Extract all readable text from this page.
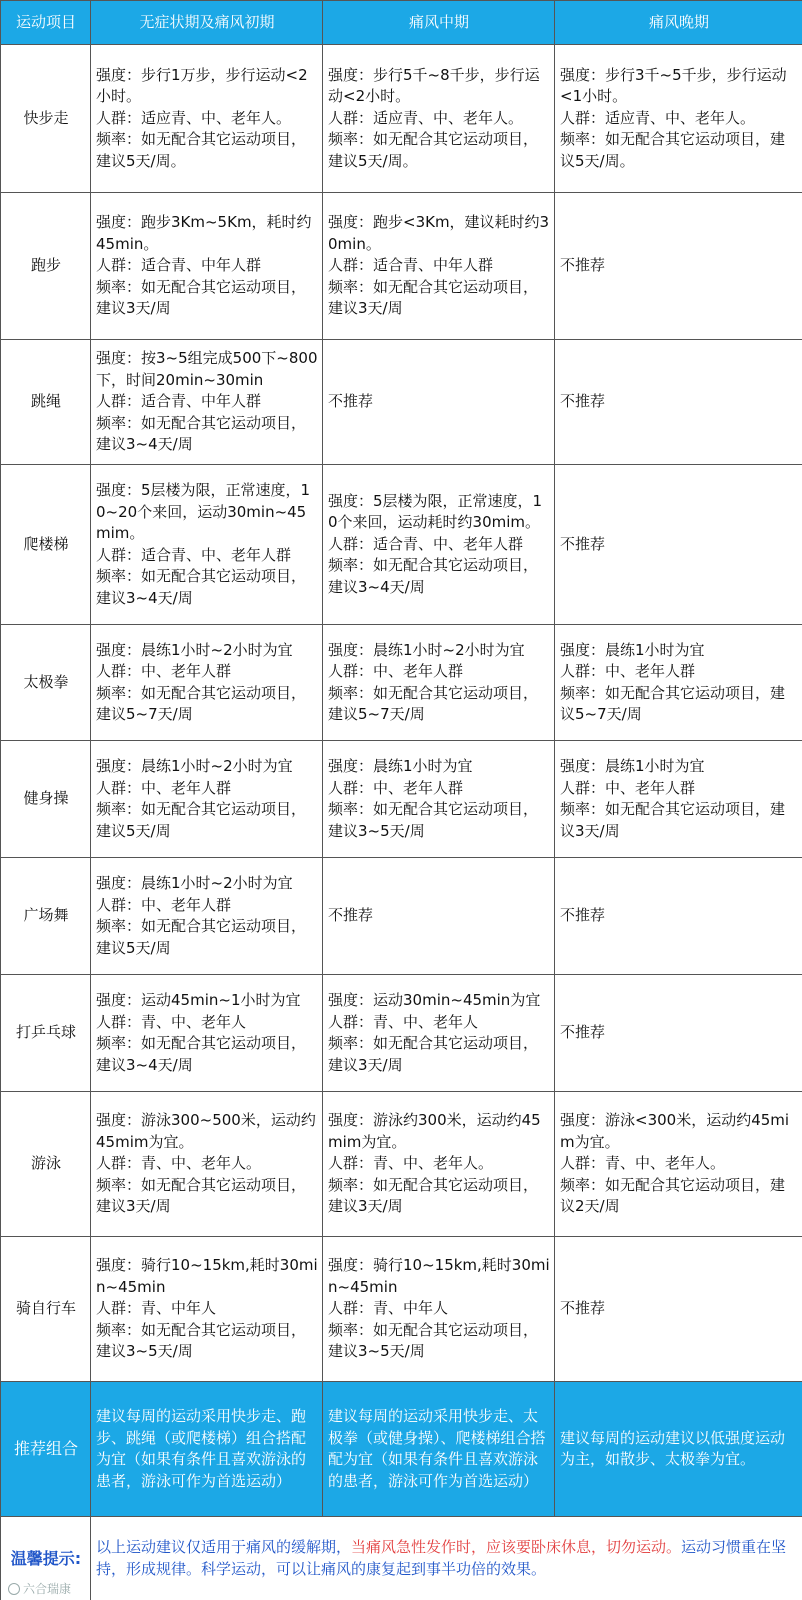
运动项目	无症状期及痛风初期	痛风中期	痛风晚期
快步走	强度：步行1万步，步行运动<2小时。
人群：适应青、中、老年人。
频率：如无配合其它运动项目，建议5天/周。	强度：步行5千~8千步，步行运动<2小时。
人群：适应青、中、老年人。
频率：如无配合其它运动项目，建议5天/周。	强度：步行3千~5千步，步行运动<1小时。
人群：适应青、中、老年人。
频率：如无配合其它运动项目，建议5天/周。

跑步	强度：跑步3Km~5Km，耗时约45min。
人群：适合青、中年人群
频率：如无配合其它运动项目，建议3天/周	强度：跑步<3Km，建议耗时约30min。
人群：适合青、中年人群
频率：如无配合其它运动项目，建议3天/周	不推荐

跳绳	强度：按3~5组完成500下~800下，时间20min~30min
人群：适合青、中年人群
频率：如无配合其它运动项目，建议3~4天/周	不推荐	不推荐

爬楼梯	强度：5层楼为限，正常速度，10~20个来回，运动30min~45mim。
人群：适合青、中、老年人群
频率：如无配合其它运动项目，建议3~4天/周	强度：5层楼为限，正常速度，10个来回，运动耗时约30mim。
人群：适合青、中、老年人群
频率：如无配合其它运动项目，建议3~4天/周	不推荐

太极拳	强度：晨练1小时~2小时为宜
人群：中、老年人群
频率：如无配合其它运动项目，建议5~7天/周	强度：晨练1小时~2小时为宜
人群：中、老年人群
频率：如无配合其它运动项目，建议5~7天/周	强度：晨练1小时为宜
人群：中、老年人群
频率：如无配合其它运动项目，建议5~7天/周

健身操	强度：晨练1小时~2小时为宜
人群：中、老年人群
频率：如无配合其它运动项目，建议5天/周	强度：晨练1小时为宜
人群：中、老年人群
频率：如无配合其它运动项目，建议3~5天/周	强度：晨练1小时为宜
人群：中、老年人群
频率：如无配合其它运动项目，建议3天/周

广场舞	强度：晨练1小时~2小时为宜
人群：中、老年人群
频率：如无配合其它运动项目，建议5天/周	不推荐	不推荐

打乒乓球	强度：运动45min~1小时为宜
人群：青、中、老年人
频率：如无配合其它运动项目，建议3~4天/周	强度：运动30min~45min为宜
人群：青、中、老年人
频率：如无配合其它运动项目，建议3天/周	不推荐

游泳	强度：游泳300~500米，运动约45mim为宜。
人群：青、中、老年人。
频率：如无配合其它运动项目，建议3天/周	强度：游泳约300米，运动约45mim为宜。
人群：青、中、老年人。
频率：如无配合其它运动项目，建议3天/周	强度：游泳<300米，运动约45mim为宜。
人群：青、中、老年人。
频率：如无配合其它运动项目，建议2天/周

骑自行车	强度：骑行10~15km,耗时30min~45min
人群：青、中年人
频率：如无配合其它运动项目，建议3~5天/周	强度：骑行10~15km,耗时30min~45min
人群：青、中年人
频率：如无配合其它运动项目，建议3~5天/周	不推荐

推荐组合	建议每周的运动采用快步走、跑步、跳绳（或爬楼梯）组合搭配为宜（如果有条件且喜欢游泳的患者，游泳可作为首选运动）	建议每周的运动采用快步走、太极拳（或健身操）、爬楼梯组合搭配为宜（如果有条件且喜欢游泳的患者，游泳可作为首选运动）	建议每周的运动建议以低强度运动为主，如散步、太极拳为宜。
温馨提示:	以上运动建议仅适用于痛风的缓解期，当痛风急性发作时，应该要卧床休息，切勿运动。运动习惯重在坚持，形成规律。科学运动，可以让痛风的康复起到事半功倍的效果。		
六合瑞康
